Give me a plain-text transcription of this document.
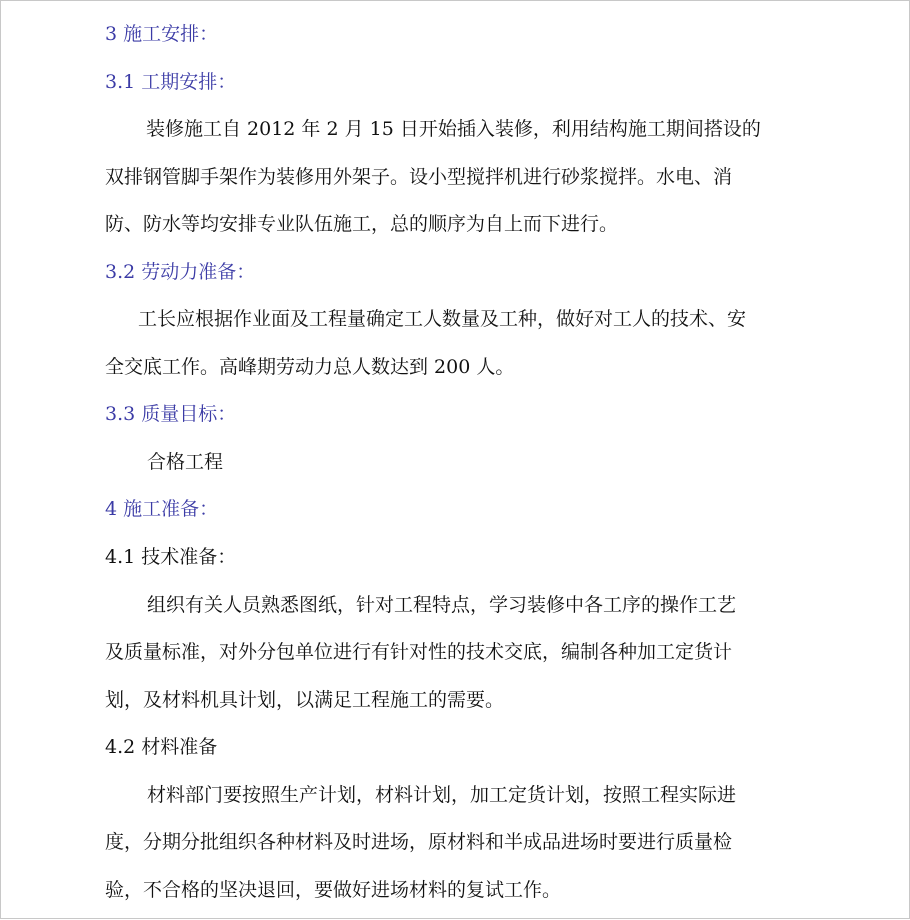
3 施工安排：
3.1 工期安排：
装修施工自 2012 年 2 月 15 日开始插入装修，利用结构施工期间搭设的
双排钢管脚手架作为装修用外架子。设小型搅拌机进行砂浆搅拌。水电、消
防、防水等均安排专业队伍施工，总的顺序为自上而下进行。
3.2 劳动力准备：
工长应根据作业面及工程量确定工人数量及工种，做好对工人的技术、安
全交底工作。高峰期劳动力总人数达到 200 人。
3.3 质量目标：
合格工程
4 施工准备：
4.1 技术准备：
组织有关人员熟悉图纸，针对工程特点，学习装修中各工序的操作工艺
及质量标准，对外分包单位进行有针对性的技术交底，编制各种加工定货计
划，及材料机具计划，以满足工程施工的需要。
4.2 材料准备
材料部门要按照生产计划，材料计划，加工定货计划，按照工程实际进
度，分期分批组织各种材料及时进场，原材料和半成品进场时要进行质量检
验，不合格的坚决退回，要做好进场材料的复试工作。
